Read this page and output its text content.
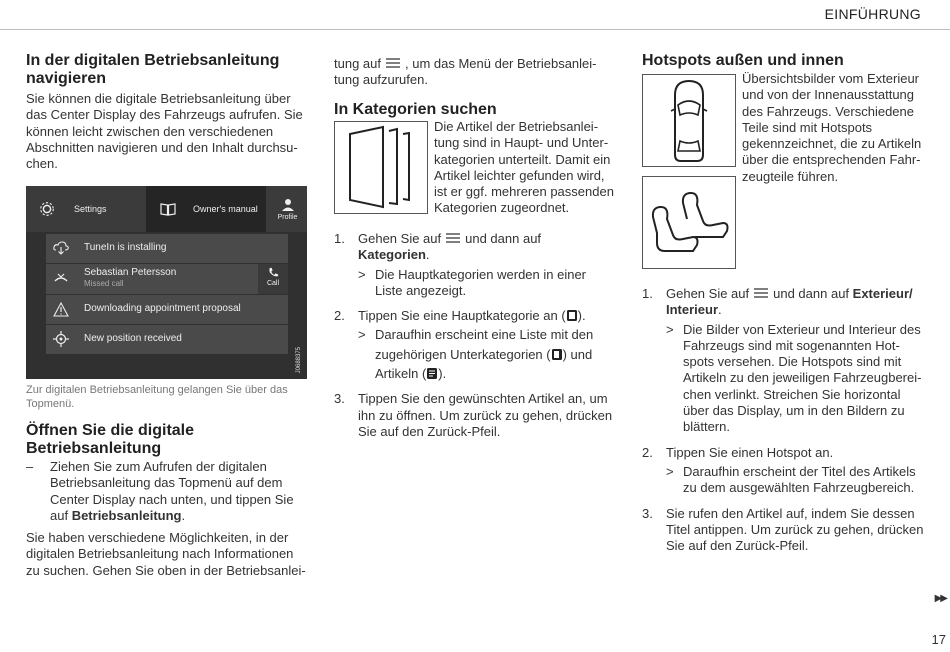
EINFÜHRUNG
In der digitalen Betriebsanleitung navigieren

Sie können die digitale Betriebsanleitung über

das Center Display des Fahrzeugs aufrufen. Sie

können leicht zwischen den verschiedenen

Abschnitten navigieren und den Inhalt durchsu-

chen.

Settings	Owner's manual
Profile
TuneIn is installing
Sebastian Petersson
Missed call	Call
Downloading appointment proposal
New position received
J0688375
Zur digitalen Betriebsanleitung gelangen Sie über das
Topmenü.
Öffnen Sie die digitale
Betriebsanleitung
– Ziehen Sie zum Aufrufen der digitalen

Betriebsanleitung das Topmenü auf dem

Center Display nach unten, und tippen Sie

auf Betriebsanleitung.

Sie haben verschiedene Möglichkeiten, in der

digitalen Betriebsanleitung nach Informationen

zu suchen. Gehen Sie oben in der Betriebsanlei-

tung auf , um das Menü der Betriebsanlei-

tung aufzurufen.

In Kategorien suchen

Die Artikel der Betriebsanlei-

tung sind in Haupt- und Unter-

kategorien unterteilt. Damit ein

Artikel leichter gefunden wird,

ist er ggf. mehreren passenden

Kategorien zugeordnet.

1. Gehen Sie auf und dann auf

Kategorien.

> Die Hauptkategorien werden in einer

Liste angezeigt.

2. Tippen Sie eine Hauptkategorie an ( ).

> Daraufhin erscheint eine Liste mit den

zugehörigen Unterkategorien ( ) und

Artikeln ( ).

3. Tippen Sie den gewünschten Artikel an, um

ihn zu öffnen. Um zurück zu gehen, drücken

Sie auf den Zurück-Pfeil.

Hotspots außen und innen

Übersichtsbilder vom Exterieur

und von der Innenausstattung

des Fahrzeugs. Verschiedene

Teile sind mit Hotspots

gekennzeichnet, die zu Artikeln

über die entsprechenden Fahr-

zeugteile führen.

1. Gehen Sie auf und dann auf Exterieur/

Interieur.

> Die Bilder von Exterieur und Interieur des

Fahrzeugs sind mit sogenannten Hot-

spots versehen. Die Hotspots sind mit

Artikeln zu den jeweiligen Fahrzeugberei-

chen verlinkt. Streichen Sie horizontal

über das Display, um in den Bildern zu

blättern.

2. Tippen Sie einen Hotspot an.

> Daraufhin erscheint der Titel des Artikels

zu dem ausgewählten Fahrzeugbereich.

3. Sie rufen den Artikel auf, indem Sie dessen

Titel antippen. Um zurück zu gehen, drücken

Sie auf den Zurück-Pfeil.

▶▶
17
